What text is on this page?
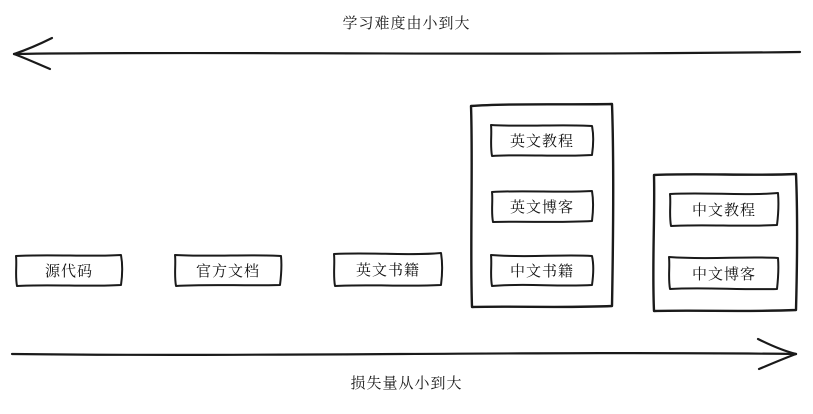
学习难度由小到大
源代码	官方文档	英文书籍
英文教程
英文博客
中文书籍
中文教程
中文博客
损失量从小到大
